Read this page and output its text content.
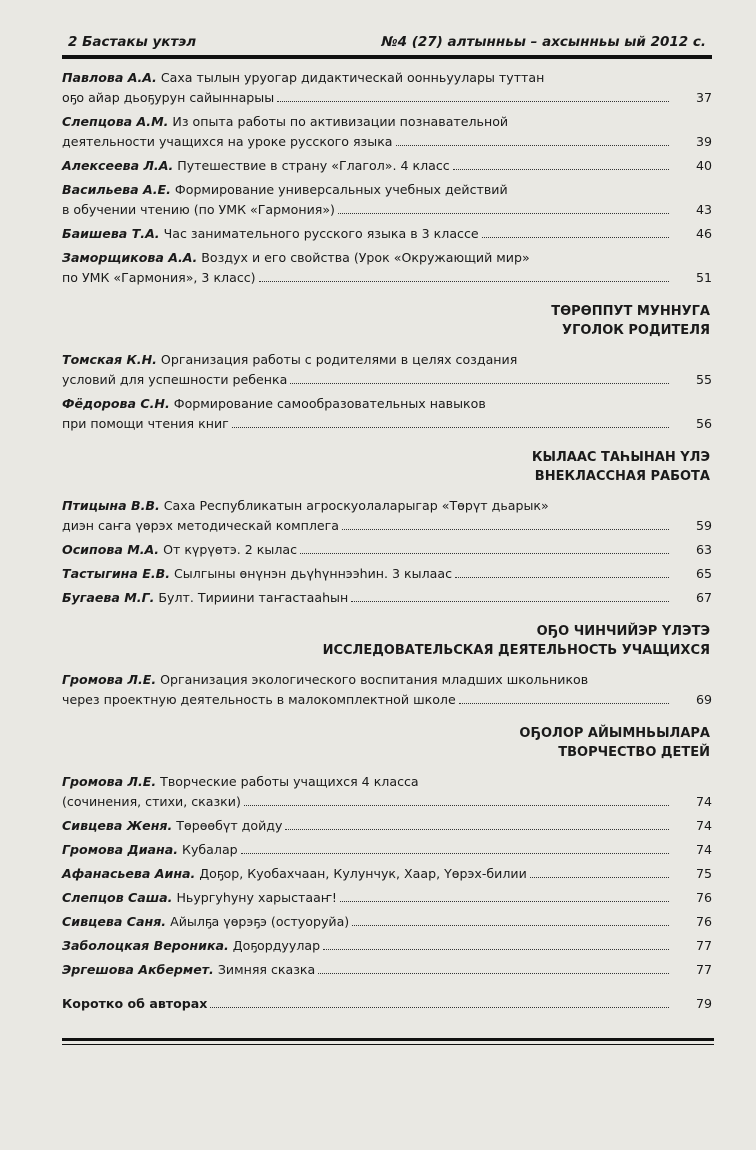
2 Бастакы уктэл	№4 (27) алтынньы – ахсынньы ый 2012 с.
Павлова А.А. Саха тылын уруогар дидактическай оонньуулары туттан
оҕо айар дьоҕурун сайыннарыы	37
Слепцова А.М. Из опыта работы по активизации познавательной
деятельности учащихся на уроке русского языка	39
Алексеева Л.А. Путешествие в страну «Глагол». 4 класс	40
Васильева А.Е. Формирование универсальных учебных действий
в обучении чтению (по УМК «Гармония»)	43
Баишева Т.А. Час занимательного русского языка в 3 классе	46
Заморщикова А.А. Воздух и его свойства (Урок «Окружающий мир»
по УМК «Гармония», 3 класс)	51
ТӨРӨППУТ МУННУГА
УГОЛОК РОДИТЕЛЯ
Томская К.Н. Организация работы с родителями в целях создания
условий для успешности ребенка	55
Фёдорова С.Н. Формирование самообразовательных навыков
при помощи чтения книг	56
КЫЛААС ТАҺЫНАН ҮЛЭ
ВНЕКЛАССНАЯ РАБОТА
Птицына В.В. Саха Республикатын агроскуолаларыгар «Төрүт дьарык»
диэн саҥа үөрэх методическай комплега	59
Осипова М.А. От күрүөтэ. 2 кылас	63
Тастыгина Е.В. Сылгыны өнүнэн дьүһүннээһин. 3 кылаас	65
Бугаева М.Г. Булт. Тириини таҥастааһын	67
ОҔО ЧИНЧИЙЭР ҮЛЭТЭ
ИССЛЕДОВАТЕЛЬСКАЯ ДЕЯТЕЛЬНОСТЬ УЧАЩИХСЯ
Громова Л.Е. Организация экологического воспитания младших школьников
через проектную деятельность в малокомплектной школе	69
ОҔОЛОР АЙЫМНЬЫЛАРА
ТВОРЧЕСТВО ДЕТЕЙ
Громова Л.Е. Творческие работы учащихся 4 класса
(сочинения, стихи, сказки)	74
Сивцева Женя. Төрөөбүт дойду	74
Громова Диана. Кубалар	74
Афанасьева Аина. Доҕор, Куобахчаан, Кулунчук, Хаар, Үөрэх-билии	75
Слепцов Саша. Ньургуһуну харыстааҥ!	76
Сивцева Саня. Айылҕа үөрэҕэ (остуоруйа)	76
Заболоцкая Вероника. Доҕордуулар	77
Эргешова Акбермет. Зимняя сказка	77
Коротко об авторах	79
